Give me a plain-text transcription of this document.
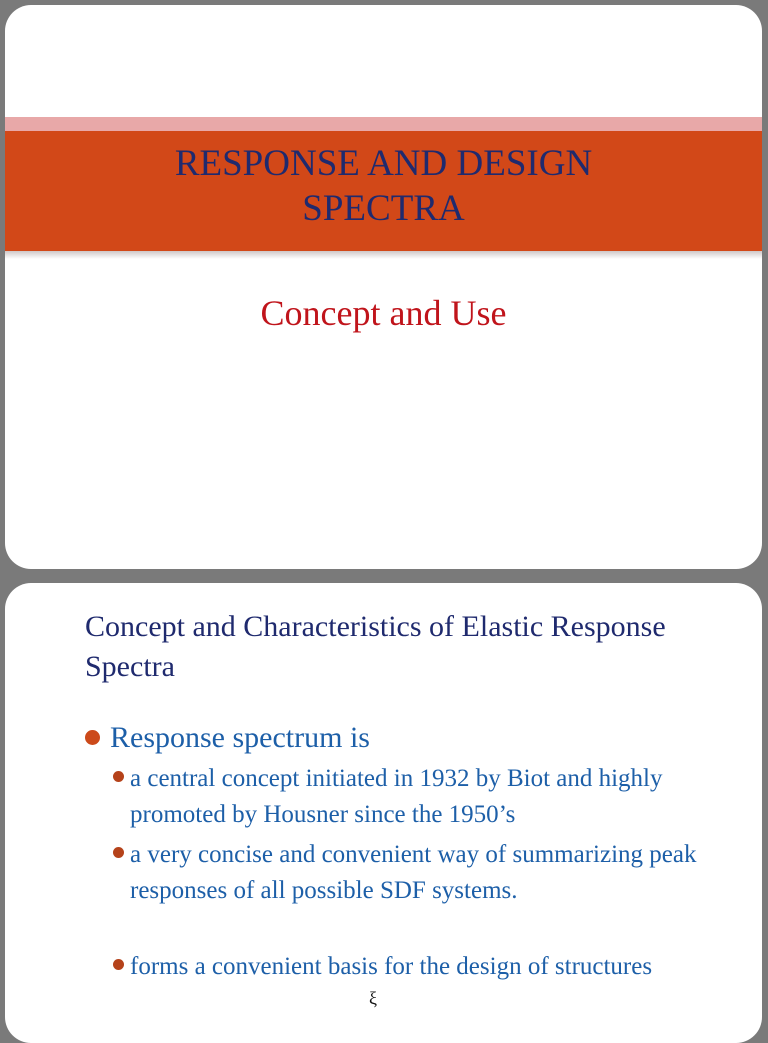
RESPONSE AND DESIGN
SPECTRA
Concept and Use
Concept and Characteristics of Elastic Response Spectra
Response spectrum is
a central concept initiated in 1932 by Biot and highly promoted by Housner since the 1950’s
a very concise and convenient way of summarizing peak responses of all possible SDF systems.
forms a convenient basis for the design of structures
ξ
